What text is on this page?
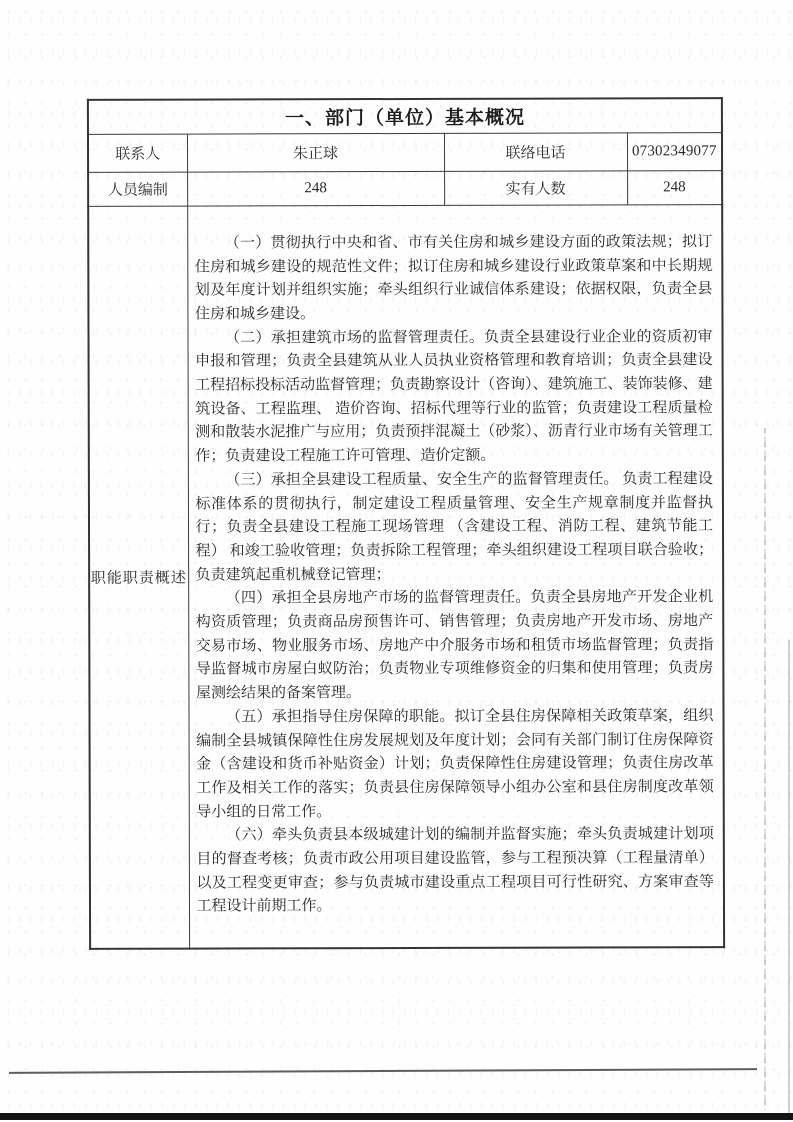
一、部门（单位）基本概况			
联系人	朱正球	联络电话	07302349077
人员编制	248	实有人数	248
职能职责概述	

（一）贯彻执行中央和省、市有关住房和城乡建设方面的政策法规；拟订住房和城乡建设的规范性文件；拟订住房和城乡建设行业政策草案和中长期规划及年度计划并组织实施；牵头组织行业诚信体系建设；依据权限，负责全县住房和城乡建设。

（二）承担建筑市场的监督管理责任。负责全县建设行业企业的资质初审申报和管理；负责全县建筑从业人员执业资格管理和教育培训；负责全县建设工程招标投标活动监督管理；负责勘察设计（咨询）、建筑施工、装饰装修、建筑设备、工程监理、 造价咨询、招标代理等行业的监管；负责建设工程质量检测和散装水泥推广与应用；负责预拌混凝土（砂浆）、沥青行业市场有关管理工作；负责建设工程施工许可管理、造价定额。

（三）承担全县建设工程质量、安全生产的监督管理责任。 负责工程建设标准体系的贯彻执行，制定建设工程质量管理、安全生产规章制度并监督执行；负责全县建设工程施工现场管理 （含建设工程、消防工程、建筑节能工程） 和竣工验收管理；负责拆除工程管理；牵头组织建设工程项目联合验收；负责建筑起重机械登记管理；

（四）承担全县房地产市场的监督管理责任。负责全县房地产开发企业机构资质管理；负责商品房预售许可、销售管理；负责房地产开发市场、房地产交易市场、物业服务市场、房地产中介服务市场和租赁市场监督管理；负责指导监督城市房屋白蚁防治；负责物业专项维修资金的归集和使用管理；负责房屋测绘结果的备案管理。

（五）承担指导住房保障的职能。拟订全县住房保障相关政策草案，组织编制全县城镇保障性住房发展规划及年度计划；会同有关部门制订住房保障资金（含建设和货币补贴资金）计划；负责保障性住房建设管理；负责住房改革工作及相关工作的落实；负责县住房保障领导小组办公室和县住房制度改革领导小组的日常工作。

（六）牵头负责县本级城建计划的编制并监督实施；牵头负责城建计划项目的督查考核；负责市政公用项目建设监管，参与工程预决算（工程量清单）以及工程变更审查；参与负责城市建设重点工程项目可行性研究、方案审查等工程设计前期工作。
